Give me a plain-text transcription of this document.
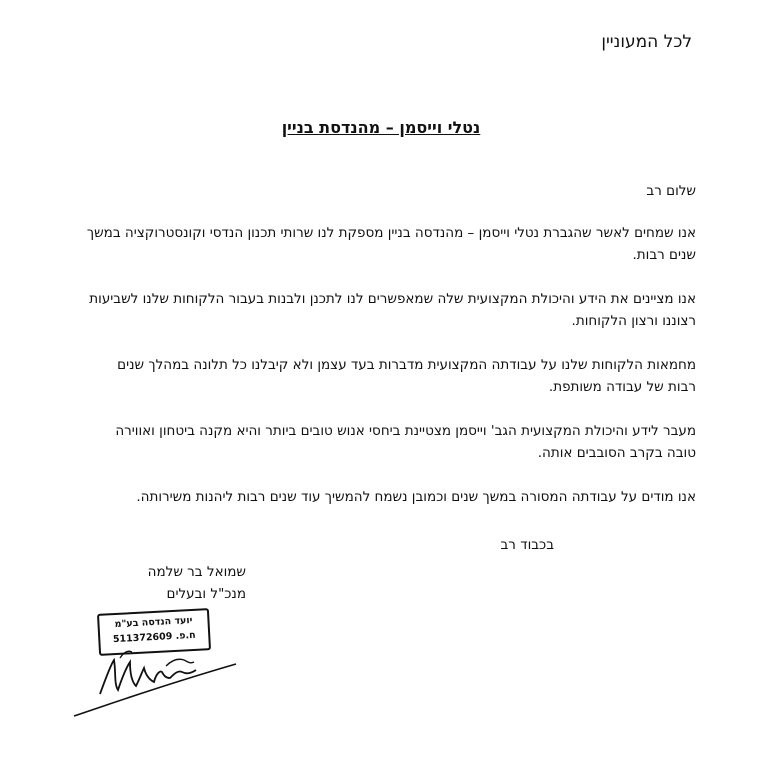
לכל המעוניין
נטלי וייסמן – מהנדסת בניין

שלום רב

אנו שמחים לאשר שהגברת נטלי וייסמן – מהנדסה בניין מספקת לנו שרותי תכנון הנדסי וקונסטרוקציה במשך שנים רבות.

אנו מציינים את הידע והיכולת המקצועית שלה שמאפשרים לנו לתכנן ולבנות בעבור הלקוחות שלנו לשביעות רצוננו ורצון הלקוחות.

מחמאות הלקוחות שלנו על עבודתה המקצועית מדברות בעד עצמן ולא קיבלנו כל תלונה במהלך שנים רבות של עבודה משותפת.

מעבר לידע והיכולת המקצועית הגב' וייסמן מצטיינת ביחסי אנוש טובים ביותר והיא מקנה ביטחון ואווירה טובה בקרב הסובבים אותה.

אנו מודים על עבודתה המסורה במשך שנים וכמובן נשמח להמשיך עוד שנים רבות ליהנות משירותה.

בכבוד רב
שמואל בר שלמה
מנכ"ל ובעלים
יועד הנדסה בע"מ
ח.פ. 511372609
